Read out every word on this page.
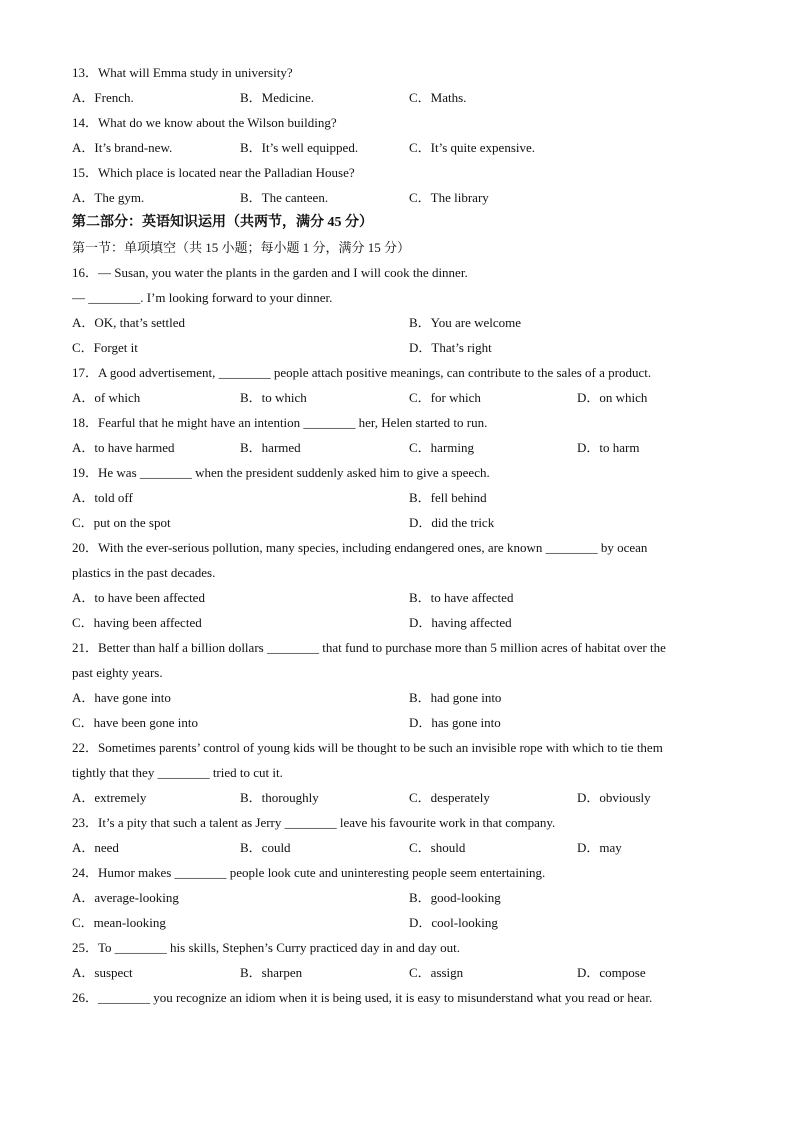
13．What will Emma study in university?
A．French.	B．Medicine.	C．Maths.
14．What do we know about the Wilson building?
A．It’s brand-new.	B．It’s well equipped.	C．It’s quite expensive.
15．Which place is located near the Palladian House?
A．The gym.	B．The canteen.	C．The library
第二部分：英语知识运用（共两节，满分 45 分）
第一节：单项填空（共 15 小题；每小题 1 分，满分 15 分）
16．— Susan, you water the plants in the garden and I will cook the dinner.
— ________. I’m looking forward to your dinner.
A．OK, that’s settled	B．You are welcome
C．Forget it	D．That’s right
17．A good advertisement, ________ people attach positive meanings, can contribute to the sales of a product.
A．of which	B．to which	C．for which	D．on which
18．Fearful that he might have an intention ________ her, Helen started to run.
A．to have harmed	B．harmed	C．harming	D．to harm
19．He was ________ when the president suddenly asked him to give a speech.
A．told off	B．fell behind
C．put on the spot	D．did the trick
20．With the ever-serious pollution, many species, including endangered ones, are known ________ by ocean
plastics in the past decades.
A．to have been affected	B．to have affected
C．having been affected	D．having affected
21．Better than half a billion dollars ________ that fund to purchase more than 5 million acres of habitat over the
past eighty years.
A．have gone into	B．had gone into
C．have been gone into	D．has gone into
22．Sometimes parents’ control of young kids will be thought to be such an invisible rope with which to tie them
tightly that they ________ tried to cut it.
A．extremely	B．thoroughly	C．desperately	D．obviously
23．It’s a pity that such a talent as Jerry ________ leave his favourite work in that company.
A．need	B．could	C．should	D．may
24．Humor makes ________ people look cute and uninteresting people seem entertaining.
A．average-looking	B．good-looking
C．mean-looking	D．cool-looking
25．To ________ his skills, Stephen’s Curry practiced day in and day out.
A．suspect	B．sharpen	C．assign	D．compose
26．________ you recognize an idiom when it is being used, it is easy to misunderstand what you read or hear.
